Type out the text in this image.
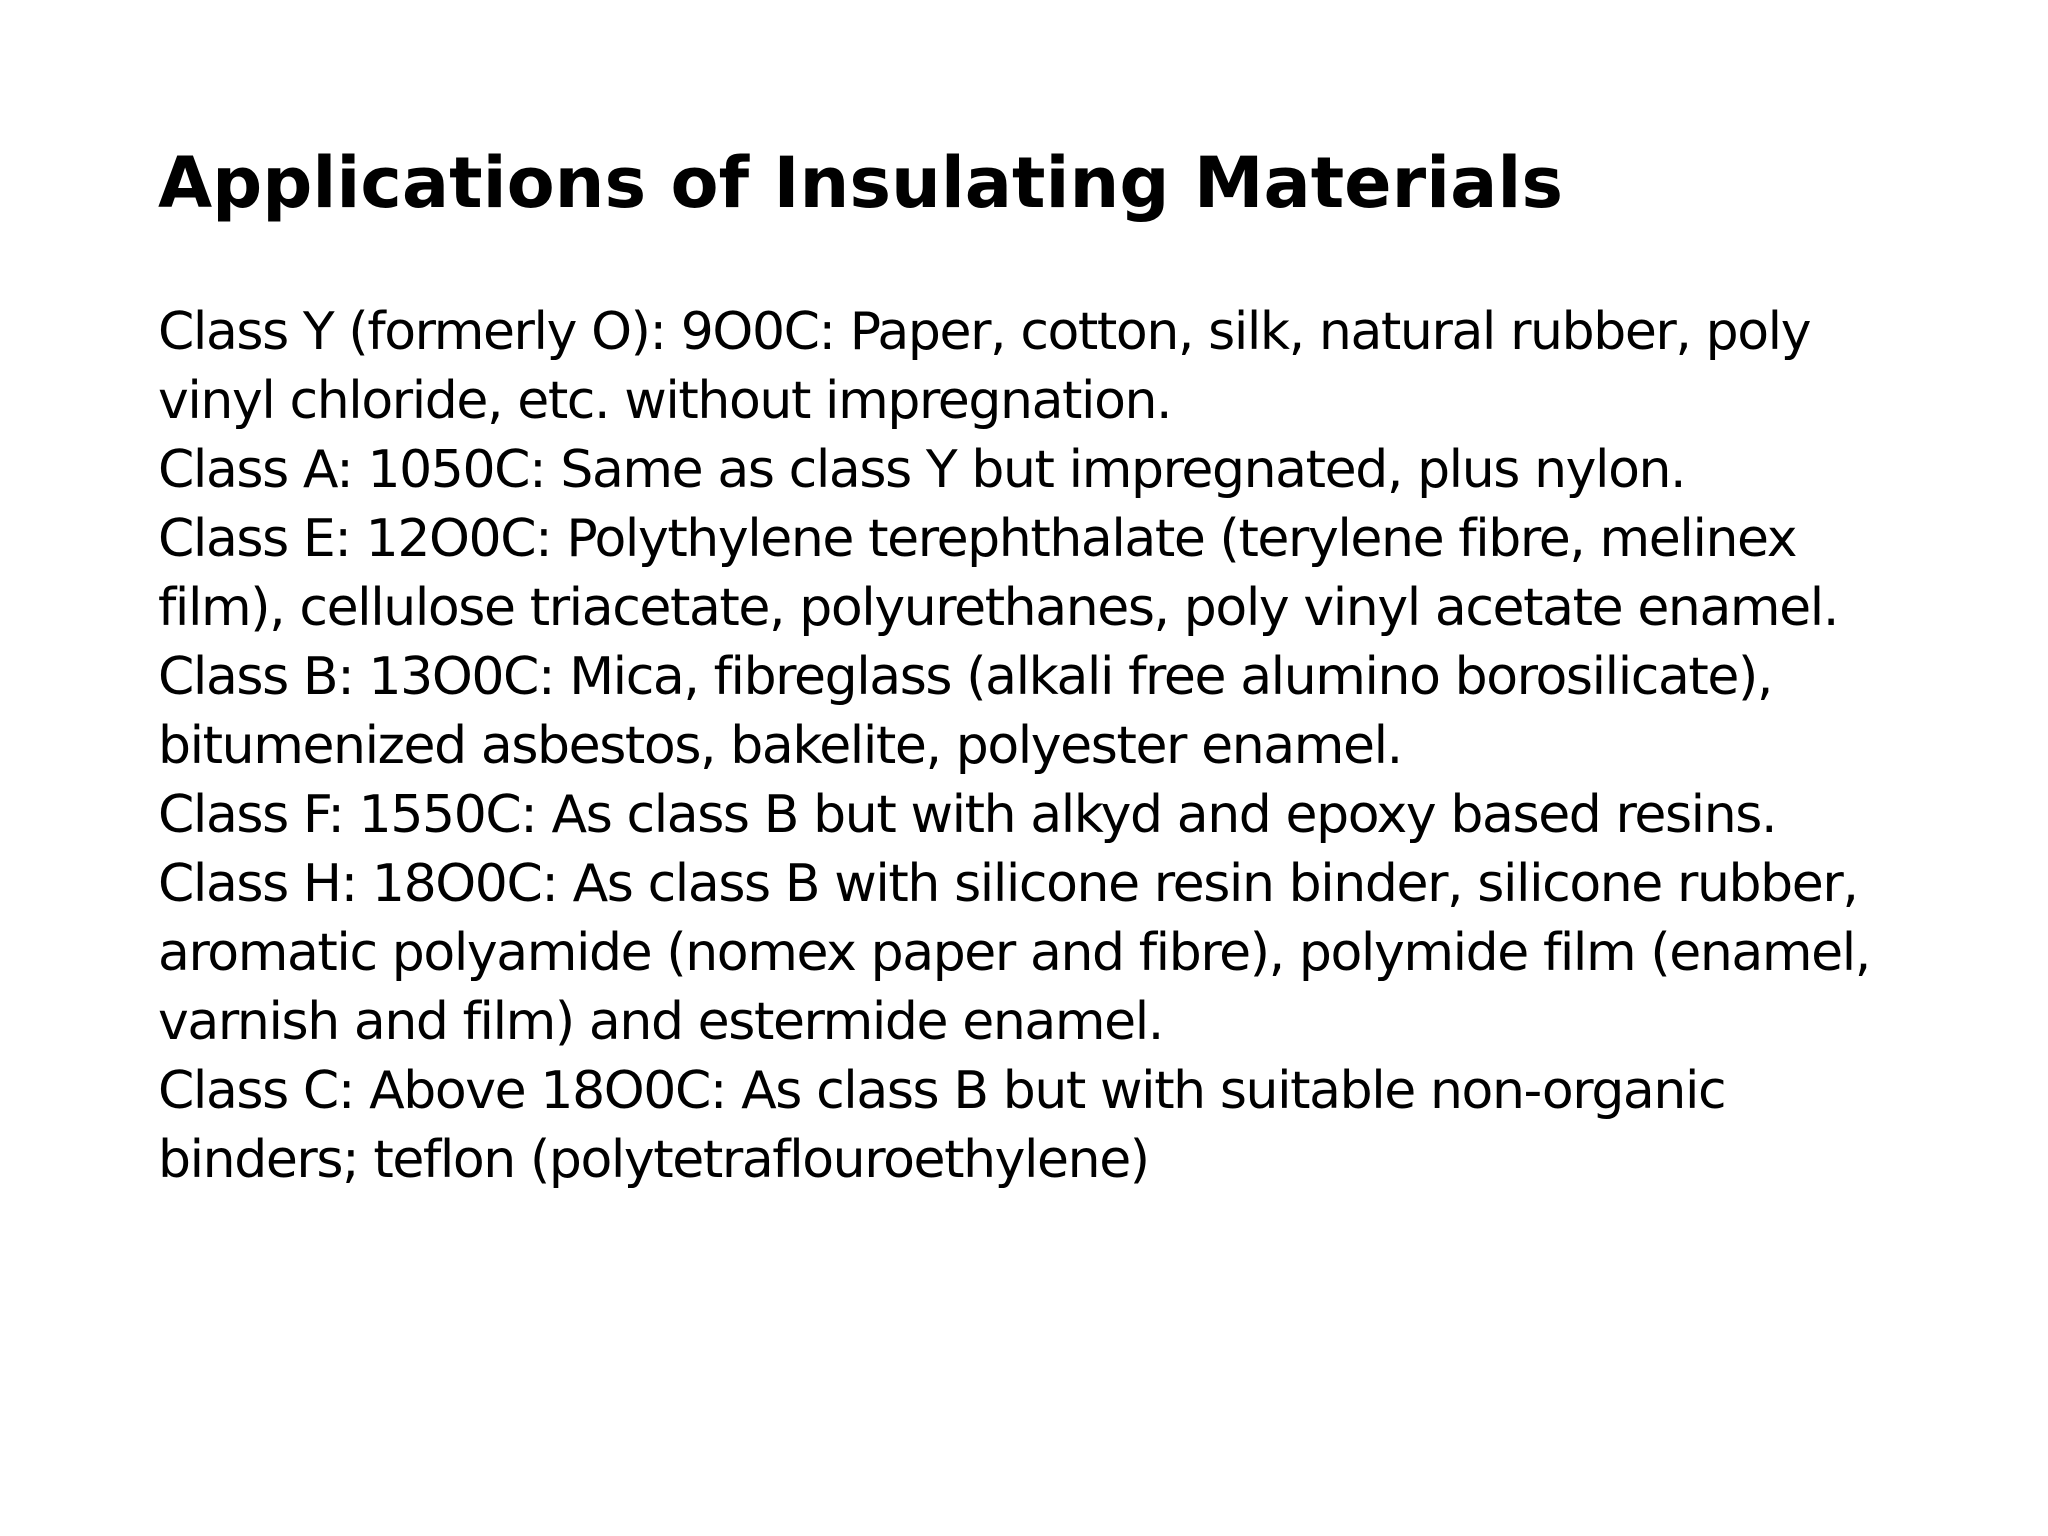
Applications of Insulating Materials
Class Y (formerly O): 9O0C: Paper, cotton, silk, natural rubber, poly
vinyl chloride, etc. without impregnation.
Class A: 1050C: Same as class Y but impregnated, plus nylon.
Class E: 12O0C: Polythylene terephthalate (terylene fibre, melinex
film), cellulose triacetate, polyurethanes, poly vinyl acetate enamel.
Class B: 13O0C: Mica, fibreglass (alkali free alumino borosilicate),
bitumenized asbestos, bakelite, polyester enamel.
Class F: 1550C: As class B but with alkyd and epoxy based resins.
Class H: 18O0C: As class B with silicone resin binder, silicone rubber,
aromatic polyamide (nomex paper and fibre), polymide film (enamel,
varnish and film) and estermide enamel.
Class C: Above 18O0C: As class B but with suitable non-organic
binders; teflon (polytetraflouroethylene)
